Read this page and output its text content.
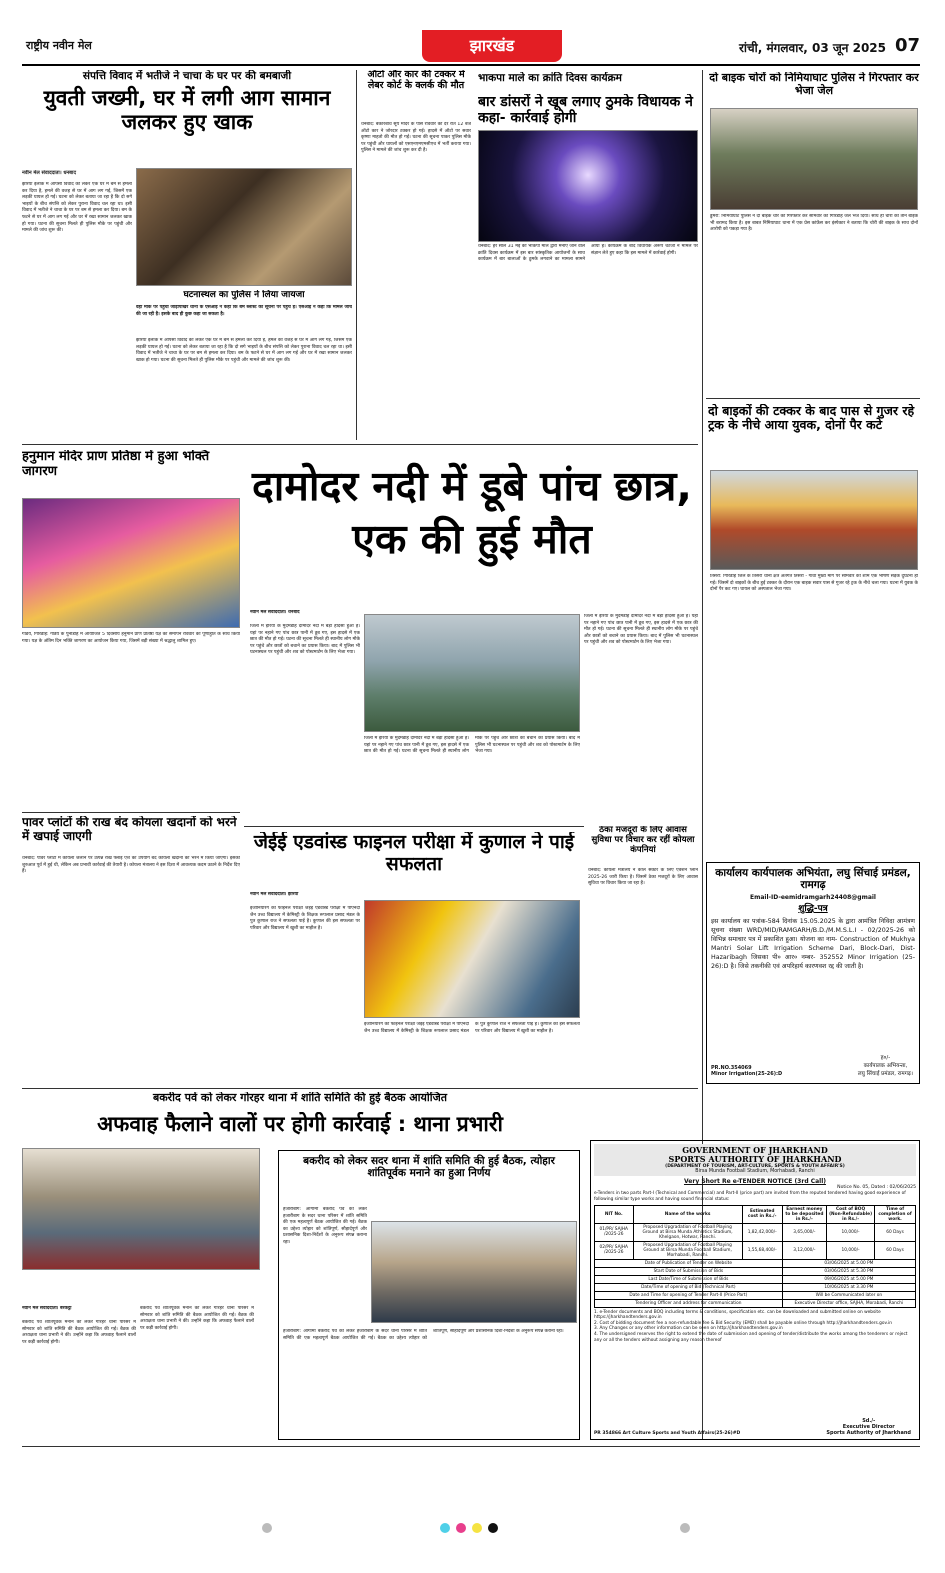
राष्ट्रीय नवीन मेल	झारखंड	रांची, मंगलवार, 03 जून 2025 07
संपत्ति विवाद में भतीजे ने चाचा के घर पर की बमबाजी
युवती जख्मी, घर में लगी आग सामान जलकर हुए खाक
नवीन मेल संवाददाता। धनबाद
झरिया इलाके में आपसी विवाद को लेकर एक घर में बम से हमला कर दिया है, हमले की वजह से घर में आग लग गई, जिसमें एक लड़की घायल हो गई। घटना को लेकर बताया जा रहा है कि दो सगे भाइयों के बीच संपत्ति को लेकर पुराना विवाद चल रहा था। इसी विवाद में भतीजे ने चाचा के घर पर बम से हमला कर दिया। बम के फटने से घर में आग लग गई और घर में रखा सामान जलकर खाक हो गया। घटना की सूचना मिलते ही पुलिस मौके पर पहुंची और मामले की जांच शुरू की।
घटनास्थल का पुलिस ने लिया जायजा
वहीं मौके पर पहुंची जोड़ापोखर थाना के एसआई ने कहा कि बम ब्लास्ट की सूचना पर पहुंचे हैं। एसआई ने कहा कि मामले जांच की जा रही है। इसके बाद ही कुछ कहा जा सकता है।
झरिया इलाके में आपसी विवाद को लेकर एक घर में बम से हमला कर दिया है, हमले की वजह से घर में आग लग गई, जिसमें एक लड़की घायल हो गई। घटना को लेकर बताया जा रहा है कि दो सगे भाइयों के बीच संपत्ति को लेकर पुराना विवाद चल रहा था। इसी विवाद में भतीजे ने चाचा के घर पर बम से हमला कर दिया। बम के फटने से घर में आग लग गई और घर में रखा सामान जलकर खाक हो गया। घटना की सूचना मिलते ही पुलिस मौके पर पहुंची और मामले की जांच शुरू की।
ऑटो और कार की टक्कर में लेबर कोर्ट के क्लर्क की मौत
धनबाद: बेकारबांध सूर्य मंदिर के पास रविवार की देर रात 12 बजे ऑटो कार ने जोरदार टक्कर हो गई। हादसे में ऑटो पर सवार कृष्णा माहतो की मौत हो गई। घटना की सूचना पाकर पुलिस मौके पर पहुंची और घायलों को एसएनएमएमसीएच में भर्ती कराया गया। पुलिस ने मामले की जांच शुरू कर दी है।
भाकपा माले का क्रांति दिवस कार्यक्रम
बार डांसरों ने खूब लगाए ठुमके विधायक ने कहा- कार्रवाई होगी
धनबाद: हर साल 31 मई को भाकपा माले द्वारा मनाए जाने वाले क्रांति दिवस कार्यक्रम में इस बार सांस्कृतिक आयोजनों के साथ कार्यक्रम में बार बालाओं के ठुमके लगवाने का मामला सामने आया है। कार्यक्रम के बाद विधायक अरूप चटर्जी ने मामले पर संज्ञान लेते हुए कहा कि इस मामले में कार्रवाई होगी।
दो बाइक चोरों को निमियाघाट पुलिस ने गिरफ्तार कर भेजा जेल
डुमरी: निमियाघाट पुलिस ने दो बाइक चोर को गिरफ्तार कर सोमवार को गिरिडीह जेल भेज दिया। साथ ही चोरी की तीन बाइक भी बरामद किया है। इस बाबत निमियाघाट थाना में एक प्रेस कांफ्रेंस कर इंस्पेक्टर ने बताया कि चोरी की बाइक के साथ दोनों आरोपी को पकड़ा गया है।
दो बाइकों की टक्कर के बाद पास से गुजर रहे ट्रक के नीचे आया युवक, दोनों पैर कटे
तिसरी: गिरिडीह जिले के तिसरी थाना क्षेत्र अंतर्गत तिसरी - गांवा मुख्य मार्ग पर सोमवार की शाम एक भीषण सड़क दुर्घटना हो गई। जिसमें दो बाइकों के बीच हुई टक्कर के दौरान एक बाइक सवार पास से गुजर रहे ट्रक के नीचे चला गया। घटना में युवक के दोनों पैर कट गए। घायल को अस्पताल भेजा गया।
हनुमान मंदिर प्राण प्रतिष्ठा में हुआ भक्ति जागरण
गांडेय, गिरिडीह: गांडेय के पुनीडीह में आयोजित 5 दिवसीय हनुमान प्राण प्रतिष्ठा यज्ञ का समापन रविवार को पूर्णाहुति के साथ किया गया। यज्ञ के अंतिम दिन भक्ति जागरण का आयोजन किया गया, जिसमें बड़ी संख्या में श्रद्धालु शामिल हुए।
पावर प्लांटों की राख बंद कोयला खदानों को भरने में खपाई जाएगी
धनबाद: पावर प्लांटों में कोयला जलाने पर उत्पन्न राख फ्लाई ऐश का उपयोग बंद कोयला खदानों को भरने में किया जाएगा। इसकी शुरुआत पूर्व में हुई थी, लेकिन अब प्रभावी कार्रवाई की तैयारी है। कोयला मंत्रालय ने इस दिशा में आवश्यक कदम उठाने के निर्देश दिए हैं।
दामोदर नदी में डूबे पांच छात्र, एक की हुई मौत
नवीन मेल संवाददाता। धनबाद
जिला में इरिया के मुदमडीह दामोदर नदी में बड़ा हादसा हुआ है। यहां पर नहाने गए पांच छात्र पानी में डूब गए, इस हादसे में एक छात्र की मौत हो गई। घटना की सूचना मिलते ही स्थानीय लोग मौके पर पहुंचे और छात्रों को बचाने का प्रयास किया। बाद में पुलिस भी घटनास्थल पर पहुंची और शव को पोस्टमार्टम के लिए भेजा गया।
जिला में इरिया के मुदमडीह दामोदर नदी में बड़ा हादसा हुआ है। यहां पर नहाने गए पांच छात्र पानी में डूब गए, इस हादसे में एक छात्र की मौत हो गई। घटना की सूचना मिलते ही स्थानीय लोग मौके पर पहुंचे और छात्रों को बचाने का प्रयास किया। बाद में पुलिस भी घटनास्थल पर पहुंची और शव को पोस्टमार्टम के लिए भेजा गया।
जिला में इरिया के मुदमडीह दामोदर नदी में बड़ा हादसा हुआ है। यहां पर नहाने गए पांच छात्र पानी में डूब गए, इस हादसे में एक छात्र की मौत हो गई। घटना की सूचना मिलते ही स्थानीय लोग मौके पर पहुंचे और छात्रों को बचाने का प्रयास किया। बाद में पुलिस भी घटनास्थल पर पहुंची और शव को पोस्टमार्टम के लिए भेजा गया।
जेईई एडवांस्ड फाइनल परीक्षा में कुणाल ने पाई सफलता
नवीन मेल संवाददाता। झरिया
इंजीनियरिंग की फाइनल परीक्षा जेईई एडवांस्ड परीक्षा में पीएनदी जैन उच्च विद्यालय में केमिस्ट्री के शिक्षक रूपलाल प्रसाद मंडल के पुत्र कुणाल राज ने सफलता पाई है। कुणाल की इस सफलता पर परिवार और विद्यालय में खुशी का माहौल है।
इंजीनियरिंग की फाइनल परीक्षा जेईई एडवांस्ड परीक्षा में पीएनदी जैन उच्च विद्यालय में केमिस्ट्री के शिक्षक रूपलाल प्रसाद मंडल के पुत्र कुणाल राज ने सफलता पाई है। कुणाल की इस सफलता पर परिवार और विद्यालय में खुशी का माहौल है।
ठेका मजदूरों के लिए आवास सुविधा पर विचार कर रहीं कोयला कंपनियां
धनबाद: कोयला मंत्रालय ने कोल सेक्टर के लिए एक्शन प्लान 2025-26 जारी किया है। जिसमें ठेका मजदूरों के लिए आवास सुविधा पर विचार किया जा रहा है।
कार्यालय कार्यपालक अभियंता, लघु सिंचाई प्रमंडल, रामगढ़
Email-ID-eemidramgarh24408@gmail
शुद्धि-पत्र
इस कार्यालय का पत्रांक-584 दिनांक 15.05.2025 के द्वारा आमंत्रित निविदा आमंत्रण सूचना संख्या WRD/MID/RAMGARH/B.D./M.M.S.L.I - 02/2025-26 को विभिन्न समाचार पत्र में प्रकाशित हुआ। योजना का नाम- Construction of Mukhya Mantri Solar Lift Irrigation Scheme Dari, Block-Dari, Dist-Hazaribagh जिसका पी० आर० नम्बर- 352552 Minor Irrigation (25-26):D है। जिसे तकनीकी एवं अपरिहार्य कारणवश रद्द की जाती है।
ह०/-
कार्यपालक अभियन्ता,
लघु सिंचाई प्रमंडल, रामगढ़।
PR.NO.354069
Minor Irrigation(25-26):D
बकरीद पर्व को लेकर गोरहर थाना में शांति समिति की हुई बैठक आयोजित
अफवाह फैलाने वालों पर होगी कार्रवाई : थाना प्रभारी
नवीन मेल संवाददाता। बरकट्ठा
बकरीद पर्व शांतिपूर्वक मनाने को लेकर गोरहर थाना परिसर में सोमवार को शांति समिति की बैठक आयोजित की गई। बैठक की अध्यक्षता थाना प्रभारी ने की। उन्होंने कहा कि अफवाह फैलाने वालों पर कड़ी कार्रवाई होगी।
बकरीद पर्व शांतिपूर्वक मनाने को लेकर गोरहर थाना परिसर में सोमवार को शांति समिति की बैठक आयोजित की गई। बैठक की अध्यक्षता थाना प्रभारी ने की। उन्होंने कहा कि अफवाह फैलाने वालों पर कड़ी कार्रवाई होगी।
बकरीद को लेकर सदर थाना में शांति समिति की हुई बैठक, त्योहार शांतिपूर्वक मनाने का हुआ निर्णय
हजारीबाग: आगामी बकरीद पर्व को लेकर हजारीबाग के सदर थाना परिसर में शांति समिति की एक महत्वपूर्ण बैठक आयोजित की गई। बैठक का उद्देश्य त्योहार को शांतिपूर्ण, सौहार्दपूर्ण और प्रशासनिक दिशा-निर्देशों के अनुरूप संपन्न कराना रहा।
हजारीबाग: आगामी बकरीद पर्व को लेकर हजारीबाग के सदर थाना परिसर में शांति समिति की एक महत्वपूर्ण बैठक आयोजित की गई। बैठक का उद्देश्य त्योहार को शांतिपूर्ण, सौहार्दपूर्ण और प्रशासनिक दिशा-निर्देशों के अनुरूप संपन्न कराना रहा।
GOVERNMENT OF JHARKHAND
SPORTS AUTHORITY OF JHARKHAND
(DEPARTMENT OF TOURISM, ART-CULTURE, SPORTS & YOUTH AFFAIR'S)
Birsa Munda Football Stadium, Morhabadi, Ranchi
Very Short Re e-TENDER NOTICE (3rd Call)
Notice No. 05, Dated : 02/06/2025
e-Tenders in two parts Part-I (Technical and Commercial) and Part-II (price part) are invited from the reputed tendered having good experience of following similar type works and having sound financial status:
NIT No.	Name of the works	Estimated cost in Rs./-	Earnest money to be deposited in Rs./-	Cost of BOQ (Non-Refundable) in Rs./-	Time of completion of work.
01/PR/ SAJHA /2025-26	Proposed Upgradation of Football Playing Ground at Birsa Munda Athletics Stadium, Khelgaon, Hotwar, Ranchi.	1,82,42,000/-	3,65,000/-	10,000/-	60 Days
02/PR/ SAJHA /2025-26	Proposed Upgradation of Football Playing Ground at Birsa Munda Football Stadium, Morhabadi, Ranchi.	1,55,68,400/-	3,12,000/-	10,000/-	60 Days
Date of Publication of Tender on Website			03/06/2025 at 5.00 PM		
Start Date of Submission of Bids			03/06/2025 at 5.30 PM		
Last Date/Time of Submission of Bids			09/06/2025 at 5.00 PM		
Date/Time of opening of Bid (Technical Part)			10/06/2025 at 3.30 PM		
Date and Time for opening of Tender Part-II (Price Part)			Will be Communicated later on		
Tendering Officer and address for communication			Executive Director office, SAJHA, Morabadi, Ranchi		
1. e-Tender documents and BOQ including terms & conditions, specification etc. can be downloaded and submitted online on website https://jharkhandtenders.gov.in
2. Cost of bidding document fee a non-refundable fee & Bid Security (EMD) shall be payable online through http://jharkhandtenders.gov.in
3. Any Changes or any other information can be seen on http://jharkhandtenders.gov.in
4. The undersigned reserves the right to extend the date of submission and opening of tender/distribute the works among the tenderers or reject any or all the tenders without assigning any reason thereof
Sd./-
Executive Director
Sports Authority of Jharkhand
PR 354866 Art Culture Sports and Youth Affairs(25-26)#D
